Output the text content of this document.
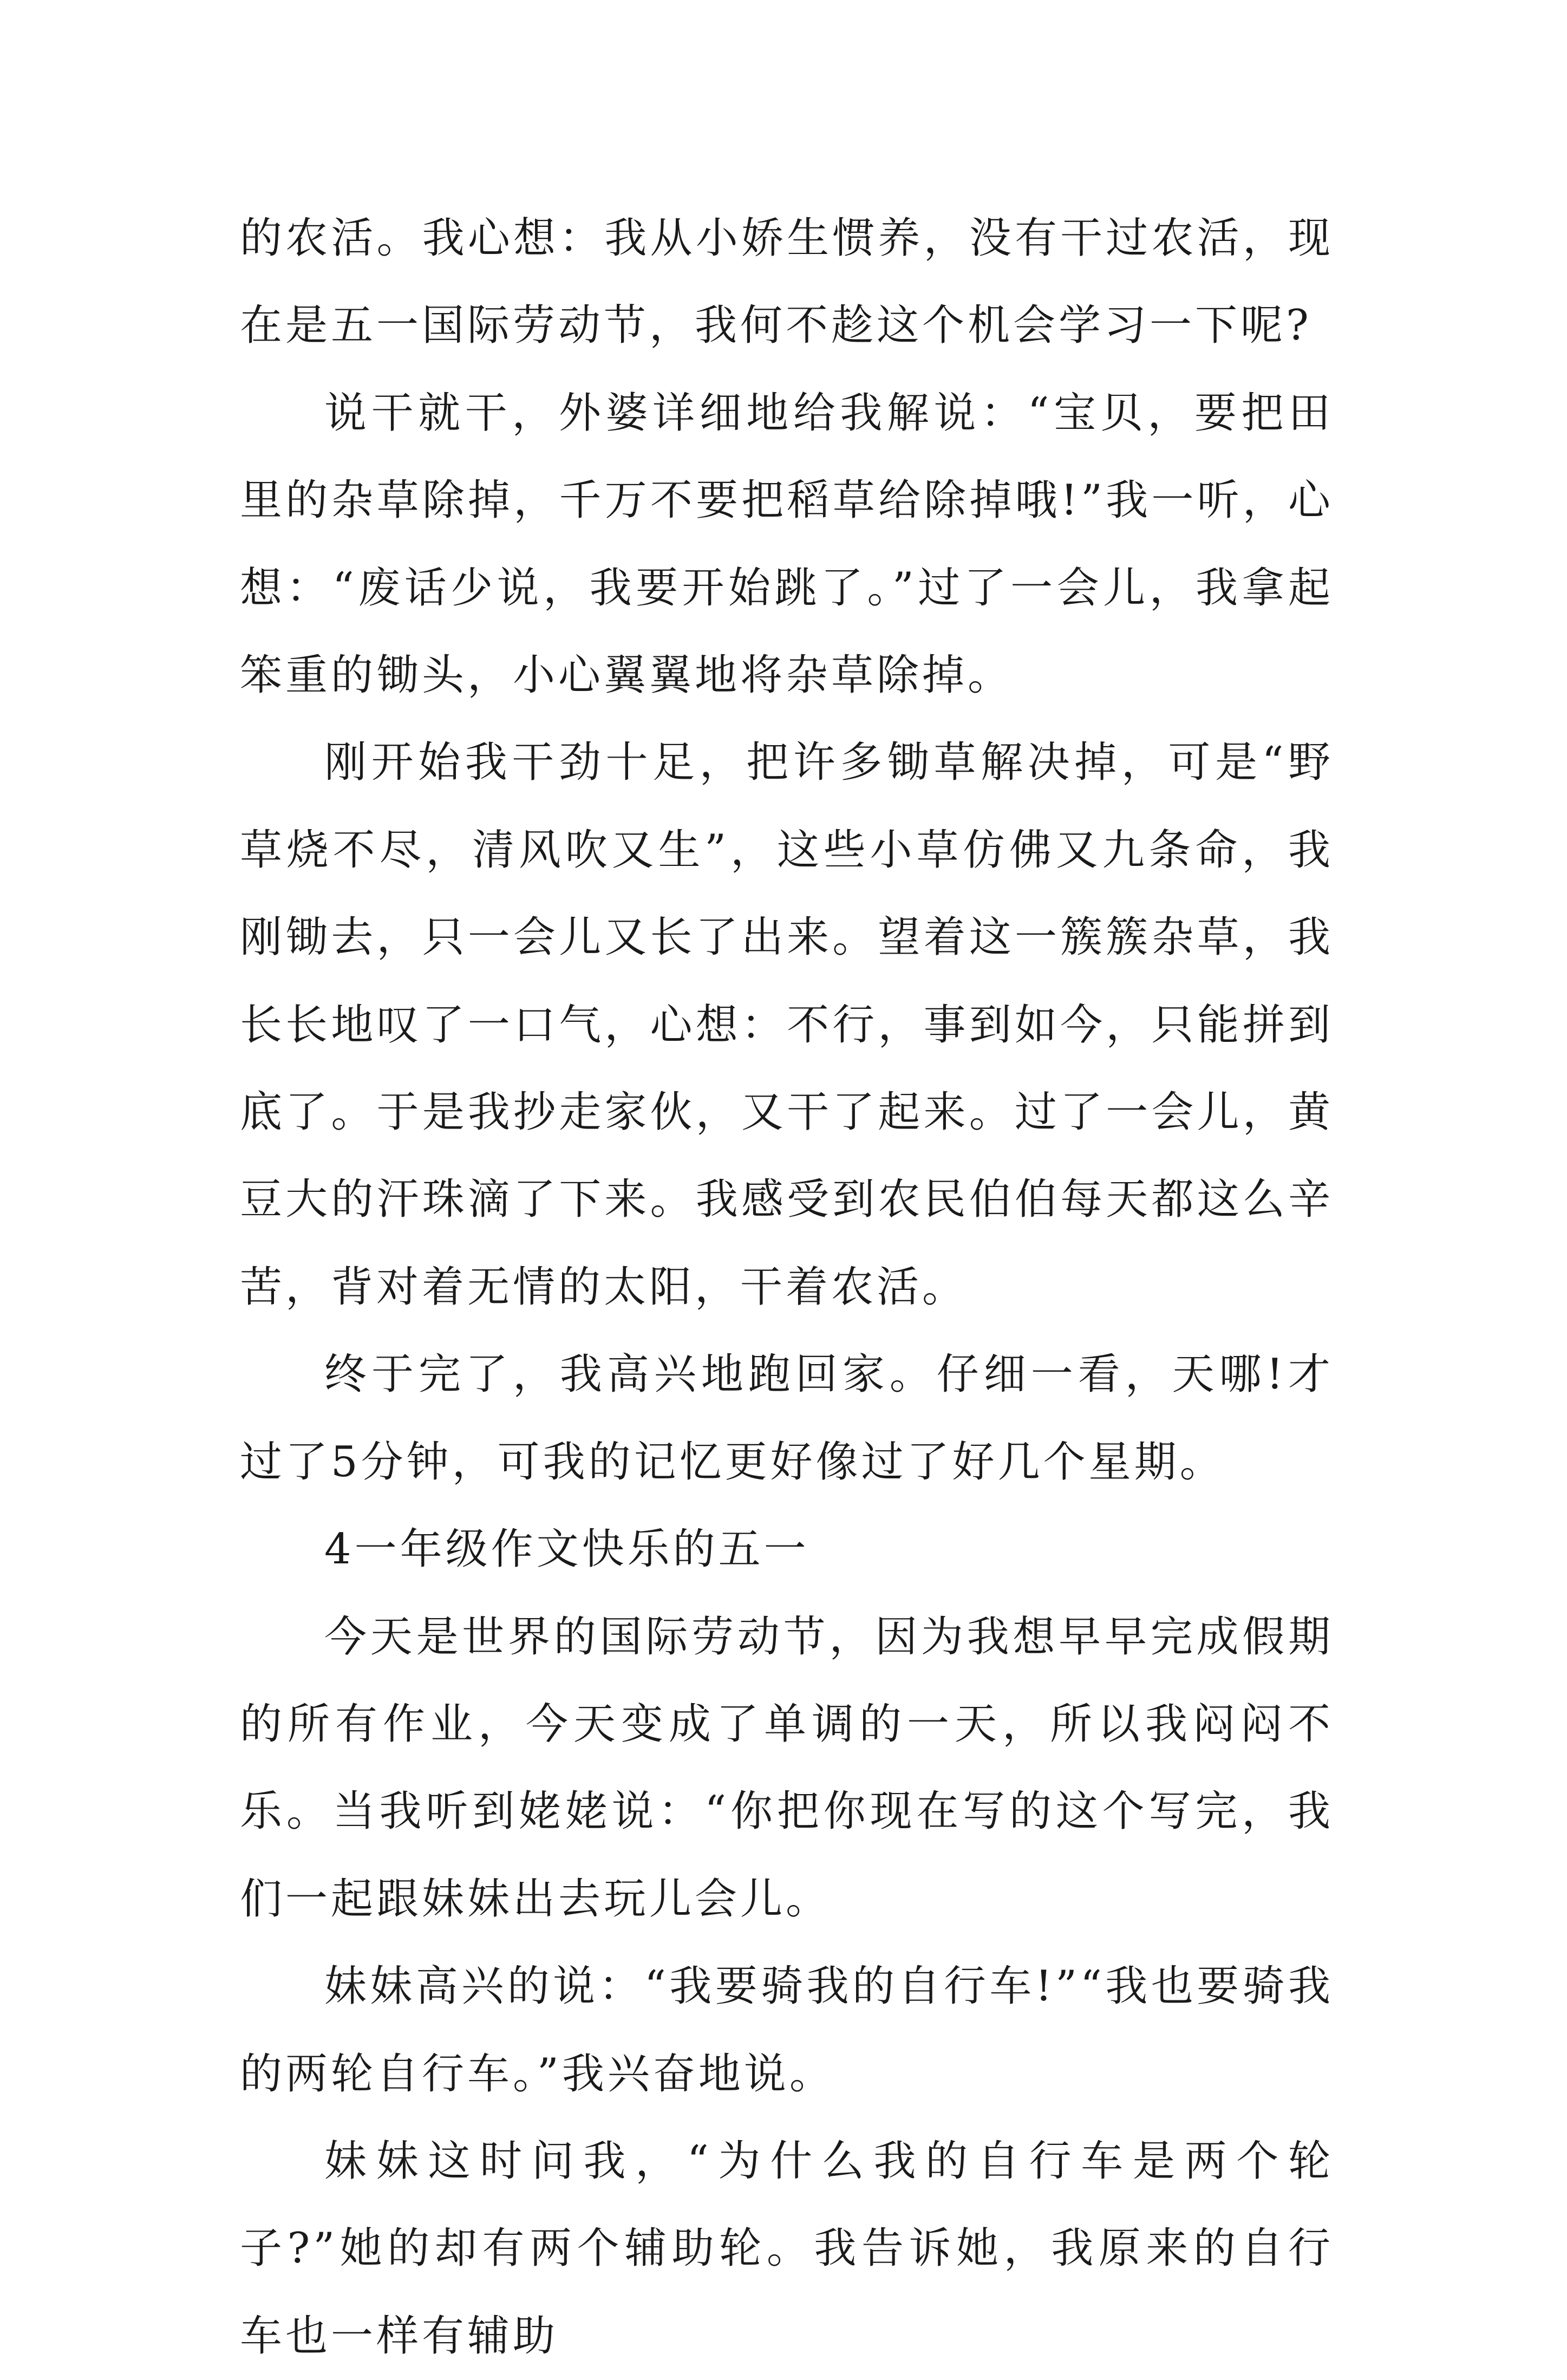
的农活。我心想：我从小娇生惯养，没有干过农活，现在是五一国际劳动节，我何不趁这个机会学习一下呢?

说干就干，外婆详细地给我解说：“宝贝，要把田里的杂草除掉，千万不要把稻草给除掉哦!”我一听，心想：“废话少说，我要开始跳了。”过了一会儿，我拿起笨重的锄头，小心翼翼地将杂草除掉。

刚开始我干劲十足，把许多锄草解决掉，可是“野草烧不尽，清风吹又生”，这些小草仿佛又九条命，我刚锄去，只一会儿又长了出来。望着这一簇簇杂草，我长长地叹了一口气，心想：不行，事到如今，只能拼到底了。于是我抄走家伙，又干了起来。过了一会儿，黄豆大的汗珠滴了下来。我感受到农民伯伯每天都这么辛苦，背对着无情的太阳，干着农活。

终于完了，我高兴地跑回家。仔细一看，天哪!才过了5分钟，可我的记忆更好像过了好几个星期。

4一年级作文快乐的五一

今天是世界的国际劳动节，因为我想早早完成假期的所有作业，今天变成了单调的一天，所以我闷闷不乐。当我听到姥姥说：“你把你现在写的这个写完，我们一起跟妹妹出去玩儿会儿。

妹妹高兴的说：“我要骑我的自行车!”“我也要骑我的两轮自行车。”我兴奋地说。

妹妹这时问我，“为什么我的自行车是两个轮子?”她的却有两个辅助轮。我告诉她，我原来的自行车也一样有辅助
